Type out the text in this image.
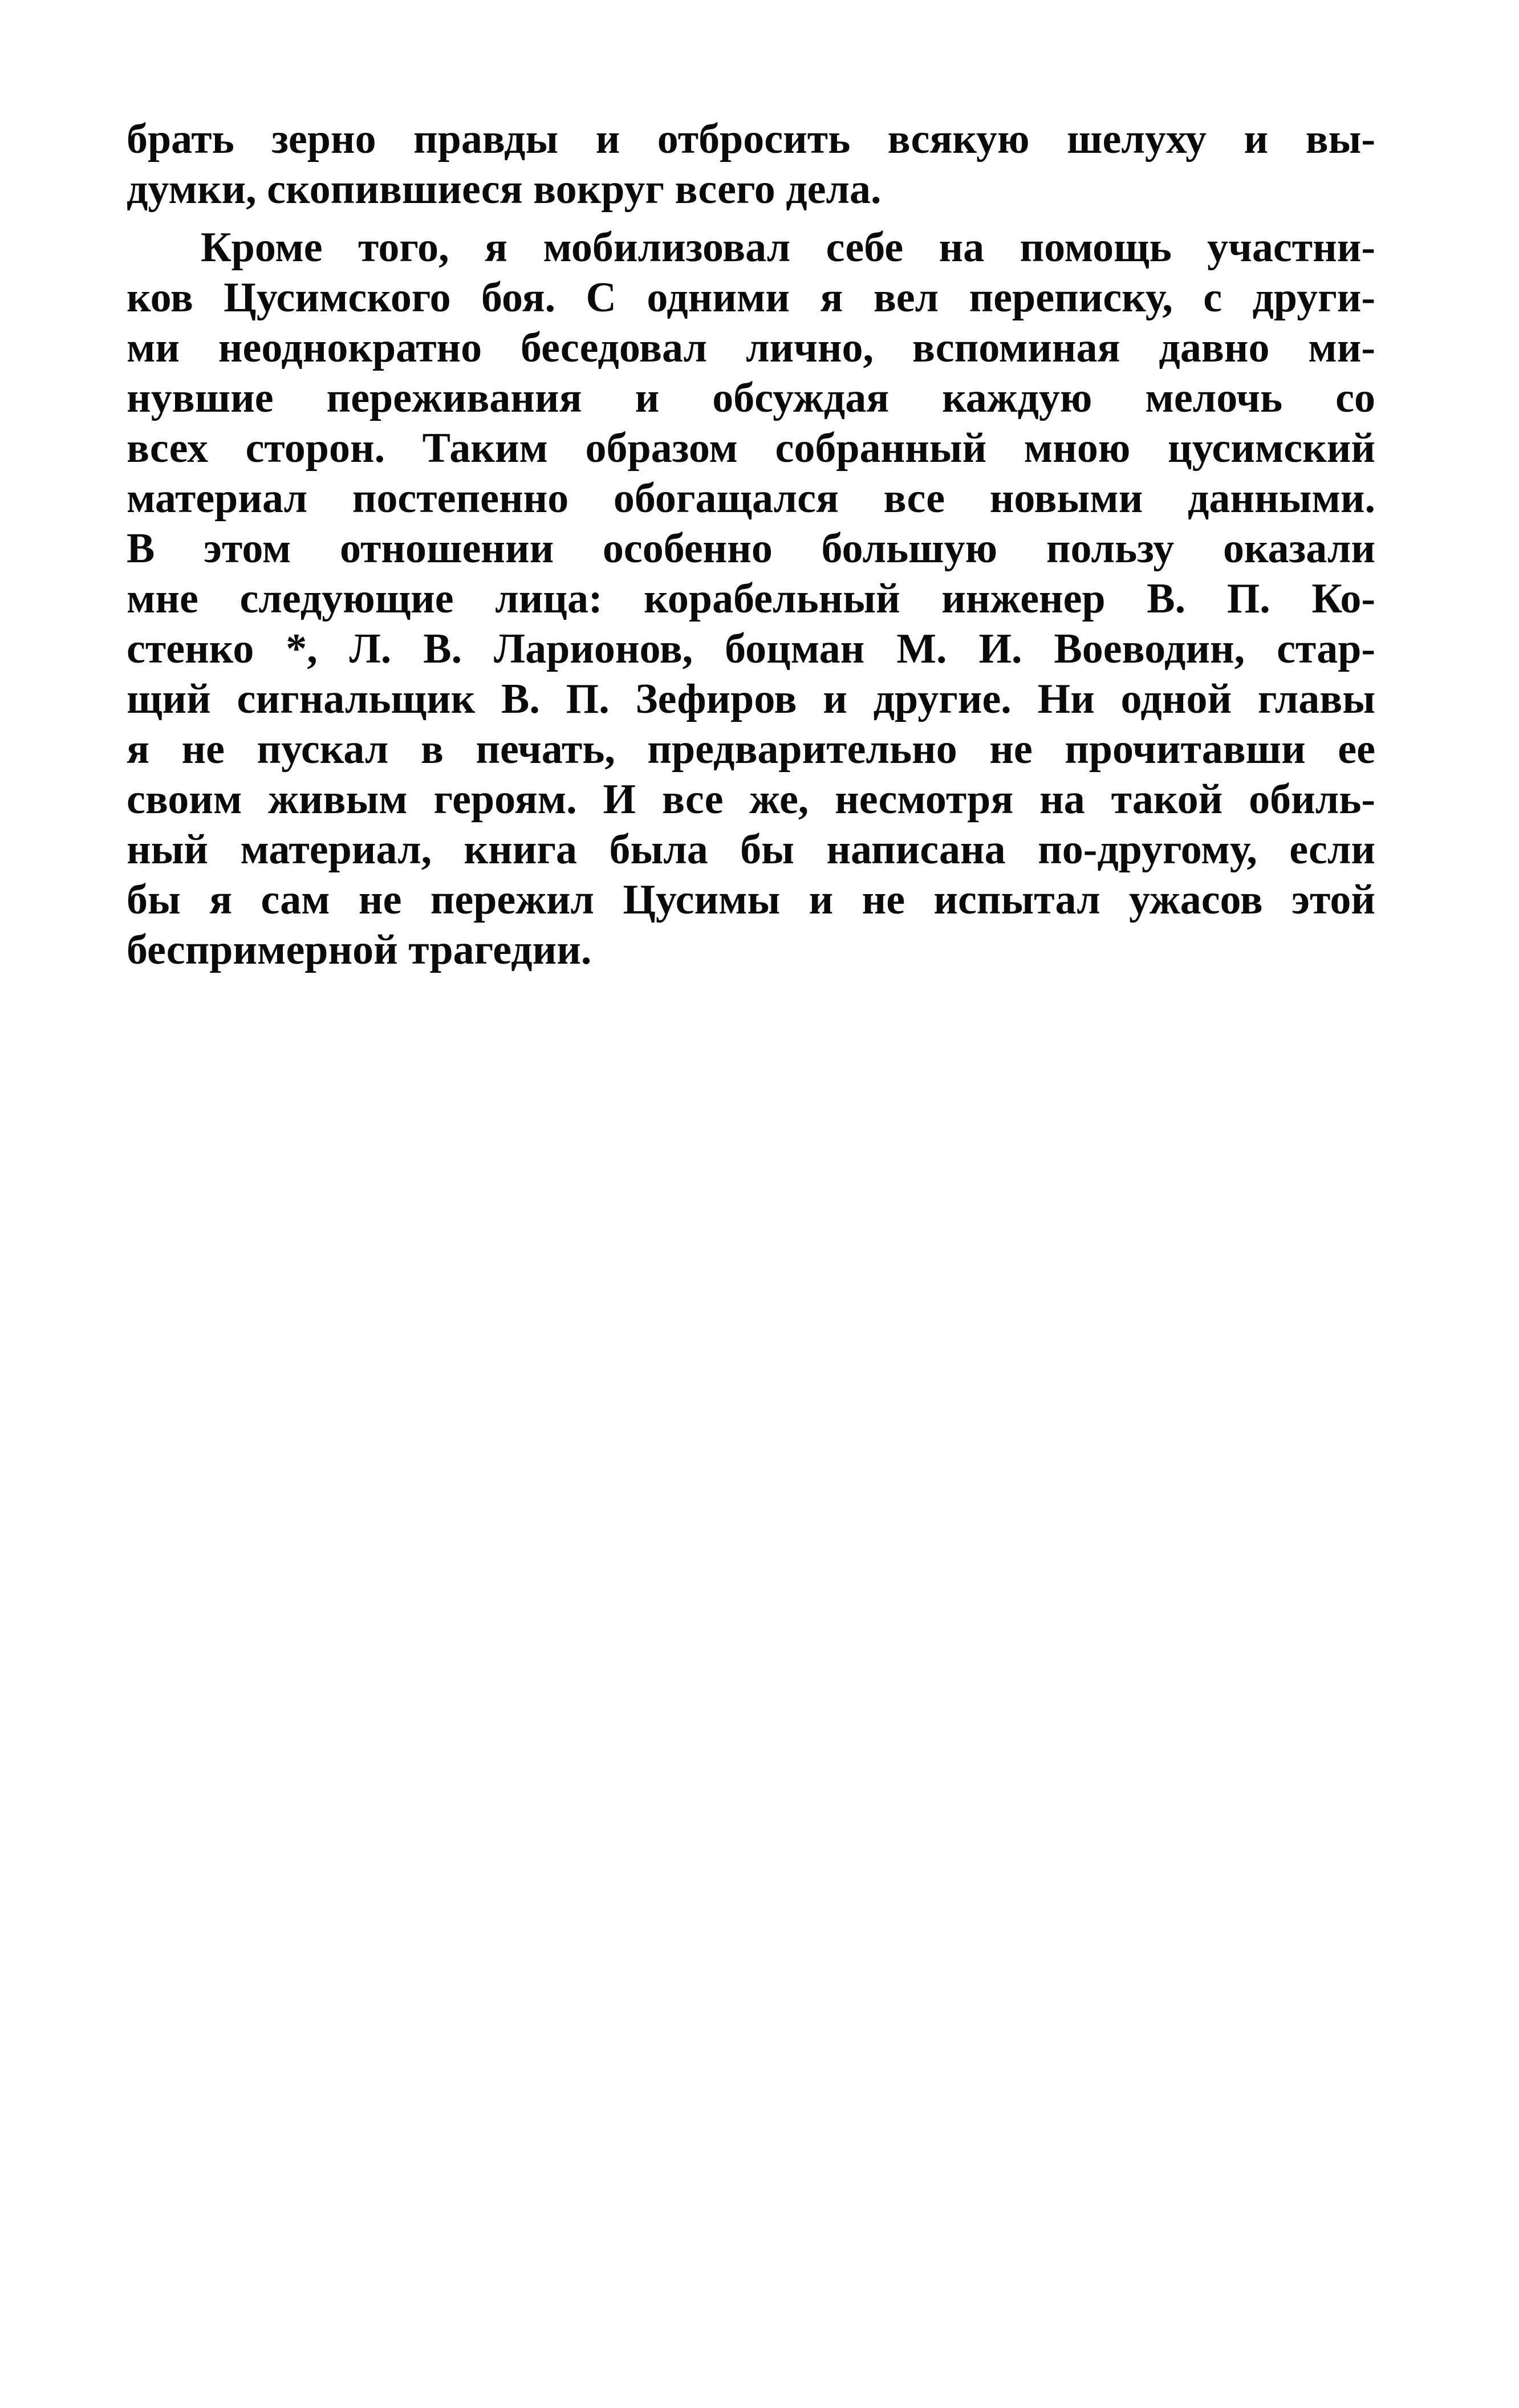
брать зерно правды и отбросить всякую шелуху и вы-
думки, скопившиеся вокруг всего дела.
Кроме того, я мобилизовал себе на помощь участни-
ков Цусимского боя. С одними я вел переписку, с други-
ми неоднократно беседовал лично, вспоминая давно ми-
нувшие переживания и обсуждая каждую мелочь со
всех сторон. Таким образом собранный мною цусимский
материал постепенно обогащался все новыми данными.
В этом отношении особенно большую пользу оказали
мне следующие лица: корабельный инженер В. П. Ко-
стенко *, Л. В. Ларионов, боцман М. И. Воеводин, стар-
щий сигнальщик В. П. Зефиров и другие. Ни одной главы
я не пускал в печать, предварительно не прочитавши ее
своим живым героям. И все же, несмотря на такой обиль-
ный материал, книга была бы написана по-другому, если
бы я сам не пережил Цусимы и не испытал ужасов этой
беспримерной трагедии.
